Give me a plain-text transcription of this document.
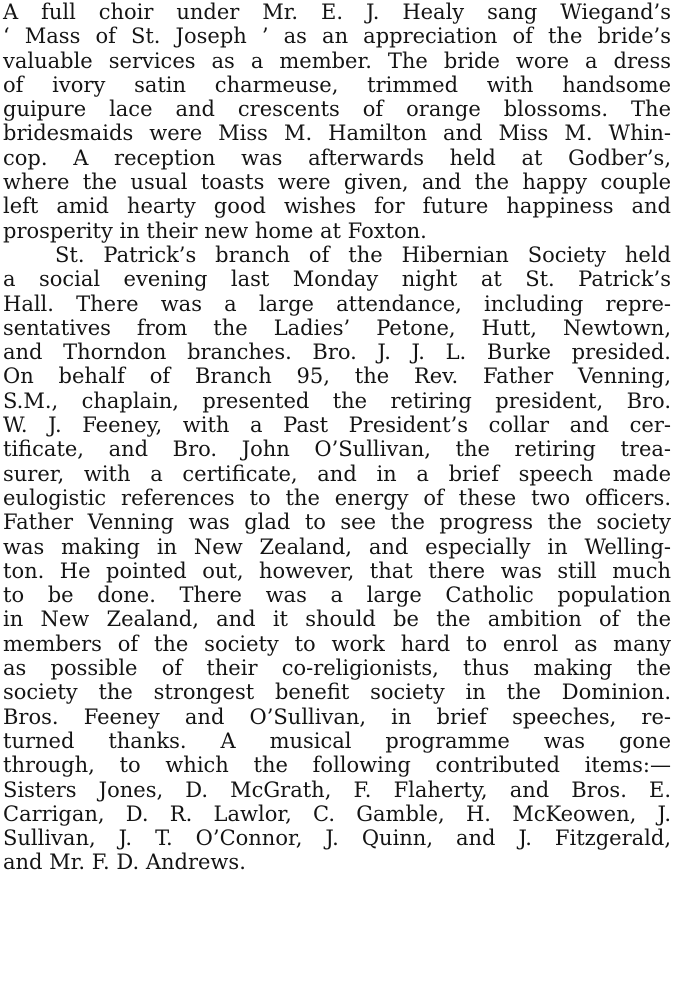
A full choir under Mr. E. J. Healy sang Wiegand’s
‘ Mass of St. Joseph ’ as an appreciation of the bride’s
valuable services as a member. The bride wore a dress
of ivory satin charmeuse, trimmed with handsome
guipure lace and crescents of orange blossoms. The
bridesmaids were Miss M. Hamilton and Miss M. Whin-
cop. A reception was afterwards held at Godber’s,
where the usual toasts were given, and the happy couple
left amid hearty good wishes for future happiness and
prosperity in their new home at Foxton.
St. Patrick’s branch of the Hibernian Society held
a social evening last Monday night at St. Patrick’s
Hall. There was a large attendance, including repre-
sentatives from the Ladies’ Petone, Hutt, Newtown,
and Thorndon branches. Bro. J. J. L. Burke presided.
On behalf of Branch 95, the Rev. Father Venning,
S.M., chaplain, presented the retiring president, Bro.
W. J. Feeney, with a Past President’s collar and cer-
tificate, and Bro. John O’Sullivan, the retiring trea-
surer, with a certificate, and in a brief speech made
eulogistic references to the energy of these two officers.
Father Venning was glad to see the progress the society
was making in New Zealand, and especially in Welling-
ton. He pointed out, however, that there was still much
to be done. There was a large Catholic population
in New Zealand, and it should be the ambition of the
members of the society to work hard to enrol as many
as possible of their co-religionists, thus making the
society the strongest benefit society in the Dominion.
Bros. Feeney and O’Sullivan, in brief speeches, re-
turned thanks. A musical programme was gone
through, to which the following contributed items:—
Sisters Jones, D. McGrath, F. Flaherty, and Bros. E.
Carrigan, D. R. Lawlor, C. Gamble, H. McKeowen, J.
Sullivan, J. T. O’Connor, J. Quinn, and J. Fitzgerald,
and Mr. F. D. Andrews.
